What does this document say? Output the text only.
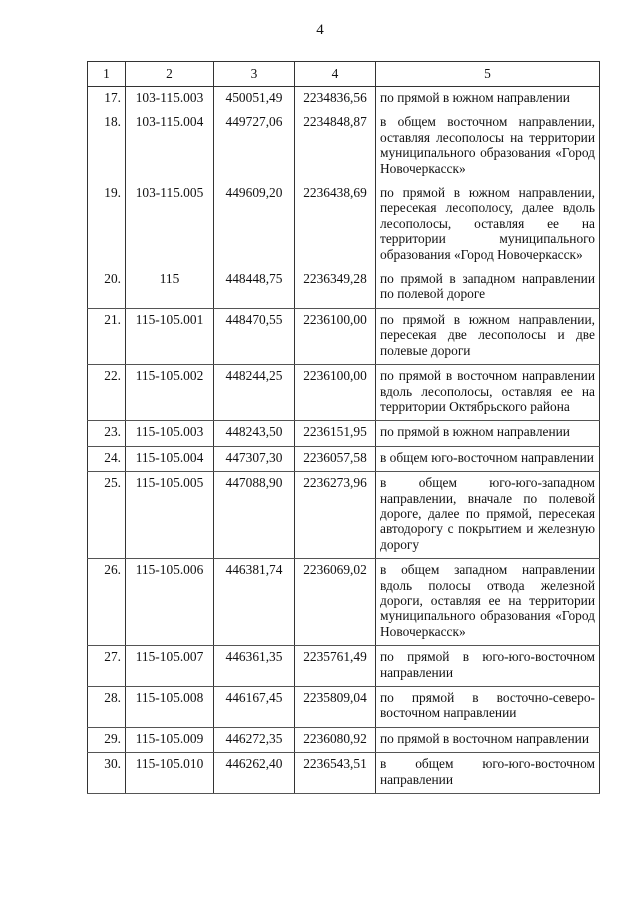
4
1	2	3	4	5
17.	103-115.003	450051,49	2234836,56	по прямой в южном направлении
18.	103-115.004	449727,06	2234848,87	в общем восточном направлении, оставляя лесополосы на территории муниципального образования «Город Новочеркасск»
19.	103-115.005	449609,20	2236438,69	по прямой в южном направлении, пересекая лесополосу, далее вдоль лесополосы, оставляя ее на территории муниципального образования «Город Новочеркасск»
20.	115	448448,75	2236349,28	по прямой в западном направлении по полевой дороге
21.	115-105.001	448470,55	2236100,00	по прямой в южном направлении, пересекая две лесополосы и две полевые дороги
22.	115-105.002	448244,25	2236100,00	по прямой в восточном направлении вдоль лесополосы, оставляя ее на территории Октябрьского района
23.	115-105.003	448243,50	2236151,95	по прямой в южном направлении
24.	115-105.004	447307,30	2236057,58	в общем юго-восточном направлении
25.	115-105.005	447088,90	2236273,96	в общем юго-юго-западном направлении, вначале по полевой дороге, далее по прямой, пересекая автодорогу с покрытием и железную дорогу
26.	115-105.006	446381,74	2236069,02	в общем западном направлении вдоль полосы отвода железной дороги, оставляя ее на территории муниципального образования «Город Новочеркасск»
27.	115-105.007	446361,35	2235761,49	по прямой в юго-юго-восточном направлении
28.	115-105.008	446167,45	2235809,04	по прямой в восточно-северо-восточном направлении
29.	115-105.009	446272,35	2236080,92	по прямой в восточном направлении
30.	115-105.010	446262,40	2236543,51	в общем юго-юго-восточном направлении
